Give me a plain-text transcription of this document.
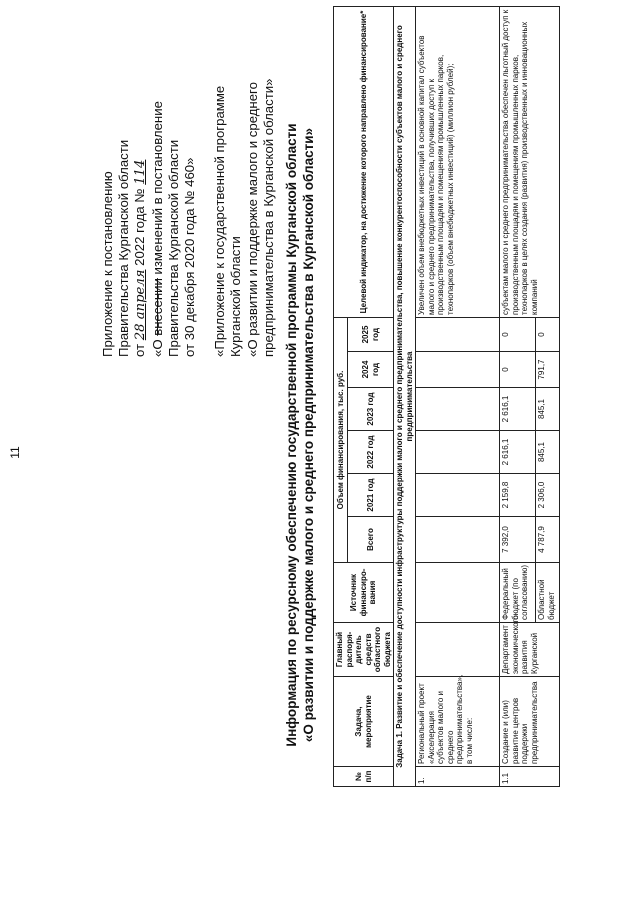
11
Приложение к постановлению Правительства Курганской области от 28 апреля 2022 года № 114
«О внесении изменений в постановление Правительства Курганской области от 30 декабря 2020 года № 460» «Приложение к государственной программе Курганской области «О развитии и поддержке малого и среднего предпринимательства в Курганской области» Информация по ресурсному обеспечению государственной программы Курганской области «О развитии и поддержке малого и среднего предпринимательства в Курганской области»
№ п/п	Задача, мероприятие	Главный распоря-дитель средств областного бюджета	Источник финансиро-вания	Объем финансирования, тыс. руб.						Целевой индикатор, на достижение которого направлено финансирование*
				Всего	2021 год	2022 год	2023 год	2024 год	2025 год	
Задача 1. Развитие и обеспечение доступности инфраструктуры поддержки малого и среднего предпринимательства, повышение конкурентоспособности субъектов малого и среднего предпринимательства										
1.	Региональный проект «Акселерация субъектов малого и среднего предпринимательства», в том числе:									Увеличен объем внебюджетных инвестиций в основной капитал субъектов малого и среднего предпринимательства, получивших доступ к производственным площадям и помещениям промышленных парков, технопарков (объем внебюджетных инвестиций) (миллион рублей);
1.1	Создание и (или) развитие центров поддержки предпринимательства	Департамент экономического развития Курганской	Федеральный бюджет (по согласованию)	7 392,0	2 159,8	2 616,1	2 616,1	0	0	субъектам малого и среднего предпринимательства обеспечен льготный доступ к производственным площадям и помещениям промышленных парков, технопарков в целях создания (развития) производственных и инновационных компаний
			Областной бюджет	4 787,9	2 306,0	845,1	845,1	791,7	0	
